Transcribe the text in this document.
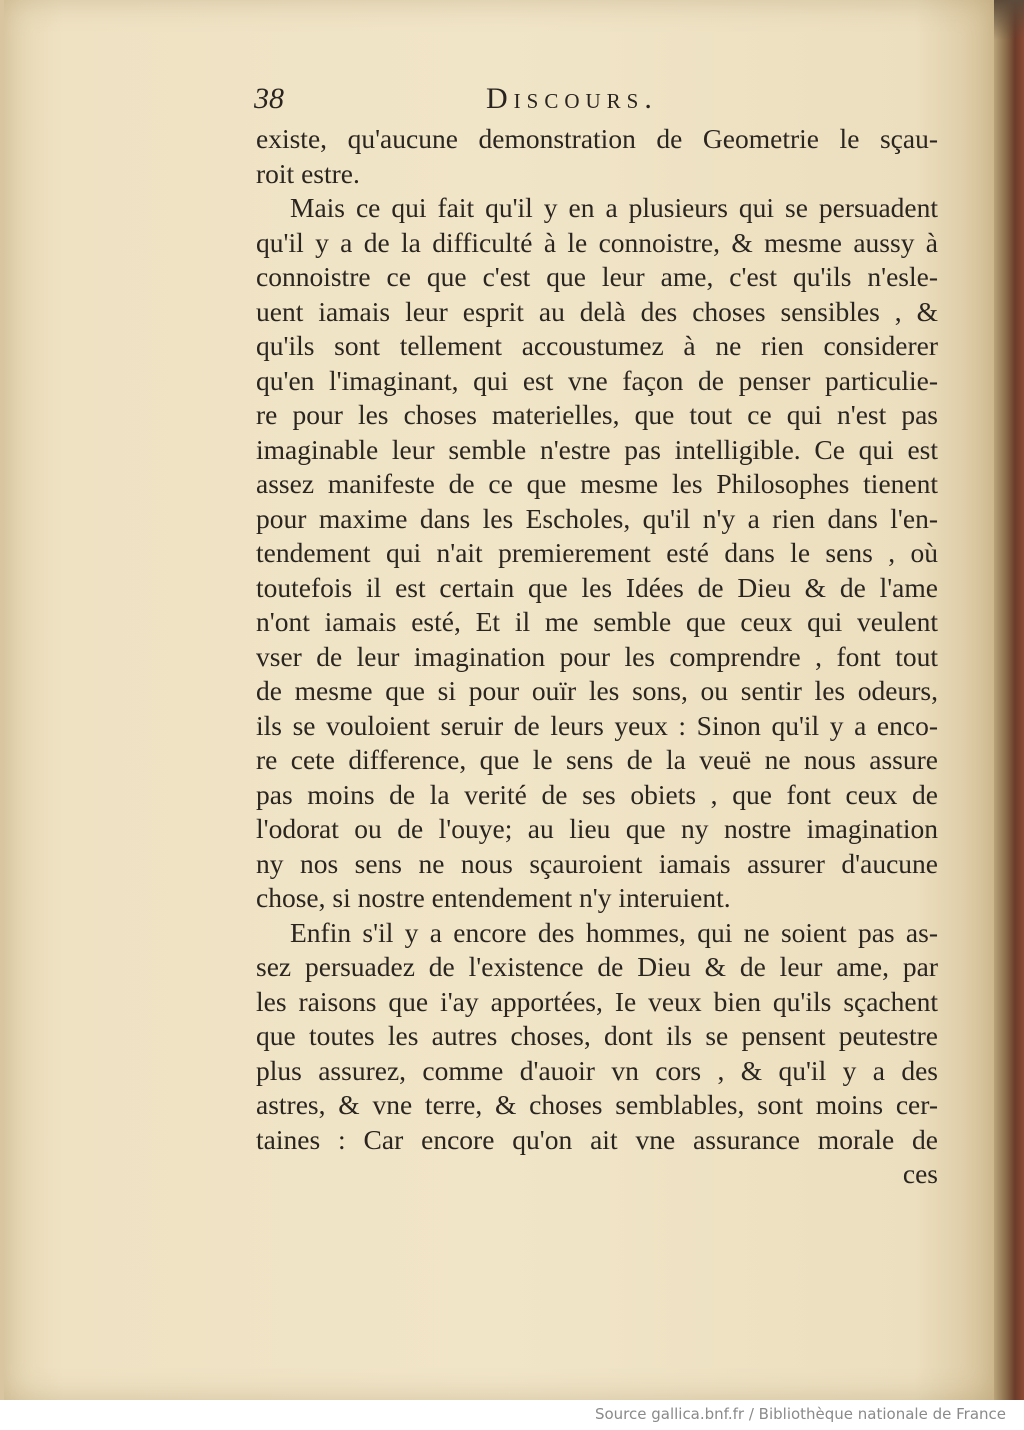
38	Discours.
existe, qu'aucune demonstration de Geometrie le sçau-
roit estre.
Mais ce qui fait qu'il y en a plusieurs qui se persuadent
qu'il y a de la difficulté à le connoistre, & mesme aussy à
connoistre ce que c'est que leur ame, c'est qu'ils n'esle-
uent iamais leur esprit au delà des choses sensibles , &
qu'ils sont tellement accoustumez à ne rien considerer
qu'en l'imaginant, qui est vne façon de penser particulie-
re pour les choses materielles, que tout ce qui n'est pas
imaginable leur semble n'estre pas intelligible. Ce qui est
assez manifeste de ce que mesme les Philosophes tienent
pour maxime dans les Escholes, qu'il n'y a rien dans l'en-
tendement qui n'ait premierement esté dans le sens , où
toutefois il est certain que les Idées de Dieu & de l'ame
n'ont iamais esté, Et il me semble que ceux qui veulent
vser de leur imagination pour les comprendre , font tout
de mesme que si pour ouïr les sons, ou sentir les odeurs,
ils se vouloient seruir de leurs yeux : Sinon qu'il y a enco-
re cete difference, que le sens de la veuë ne nous assure
pas moins de la verité de ses obiets , que font ceux de
l'odorat ou de l'ouye; au lieu que ny nostre imagination
ny nos sens ne nous sçauroient iamais assurer d'aucune
chose, si nostre entendement n'y interuient.
Enfin s'il y a encore des hommes, qui ne soient pas as-
sez persuadez de l'existence de Dieu & de leur ame, par
les raisons que i'ay apportées, Ie veux bien qu'ils sçachent
que toutes les autres choses, dont ils se pensent peutestre
plus assurez, comme d'auoir vn cors , & qu'il y a des
astres, & vne terre, & choses semblables, sont moins cer-
taines : Car encore qu'on ait vne assurance morale de
ces
Source gallica.bnf.fr / Bibliothèque nationale de France
